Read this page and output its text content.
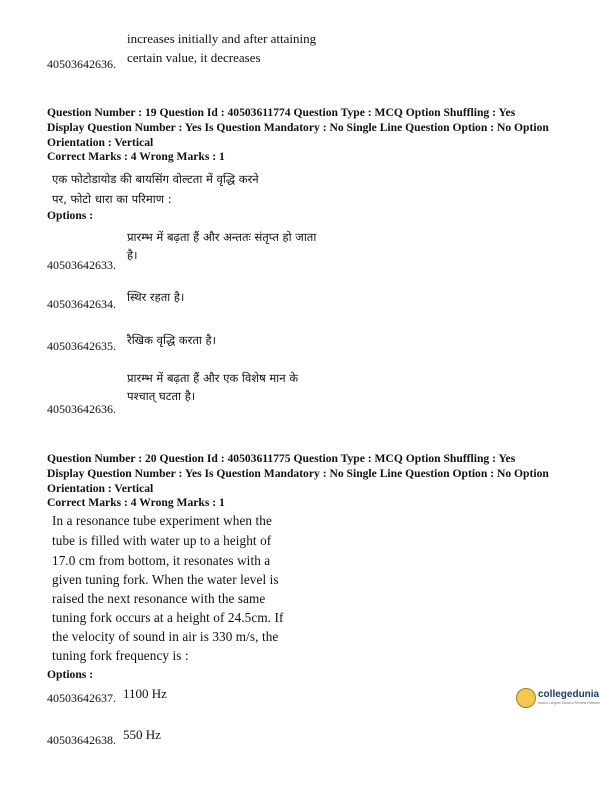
increases initially and after attaining
certain value, it decreases
40503642636.
Question Number : 19 Question Id : 40503611774 Question Type : MCQ Option Shuffling : Yes
Display Question Number : Yes Is Question Mandatory : No Single Line Question Option : No Option
Orientation : Vertical
Correct Marks : 4 Wrong Marks : 1
एक फोटोडायोड की बायसिंग वोल्टता में वृद्धि करने
पर, फोटो धारा का परिमाण :
Options :
प्रारम्भ में बढ़ता हैं और अन्ततः संतृप्त हो जाता
है।
40503642633.
स्थिर रहता है।
40503642634.
रैखिक वृद्धि करता है।
40503642635.
प्रारम्भ में बढ़ता हैं और एक विशेष मान के
पश्चात् घटता है।
40503642636.
Question Number : 20 Question Id : 40503611775 Question Type : MCQ Option Shuffling : Yes
Display Question Number : Yes Is Question Mandatory : No Single Line Question Option : No Option
Orientation : Vertical
Correct Marks : 4 Wrong Marks : 1
In a resonance tube experiment when the
tube is filled with water up to a height of
17.0 cm from bottom, it resonates with a
given tuning fork. When the water level is
raised the next resonance with the same
tuning fork occurs at a height of 24.5cm. If
the velocity of sound in air is 330 m/s, the
tuning fork frequency is :
Options :
1100 Hz
40503642637.
550 Hz
40503642638.
collegedunia
India's Largest Student Review Platform
